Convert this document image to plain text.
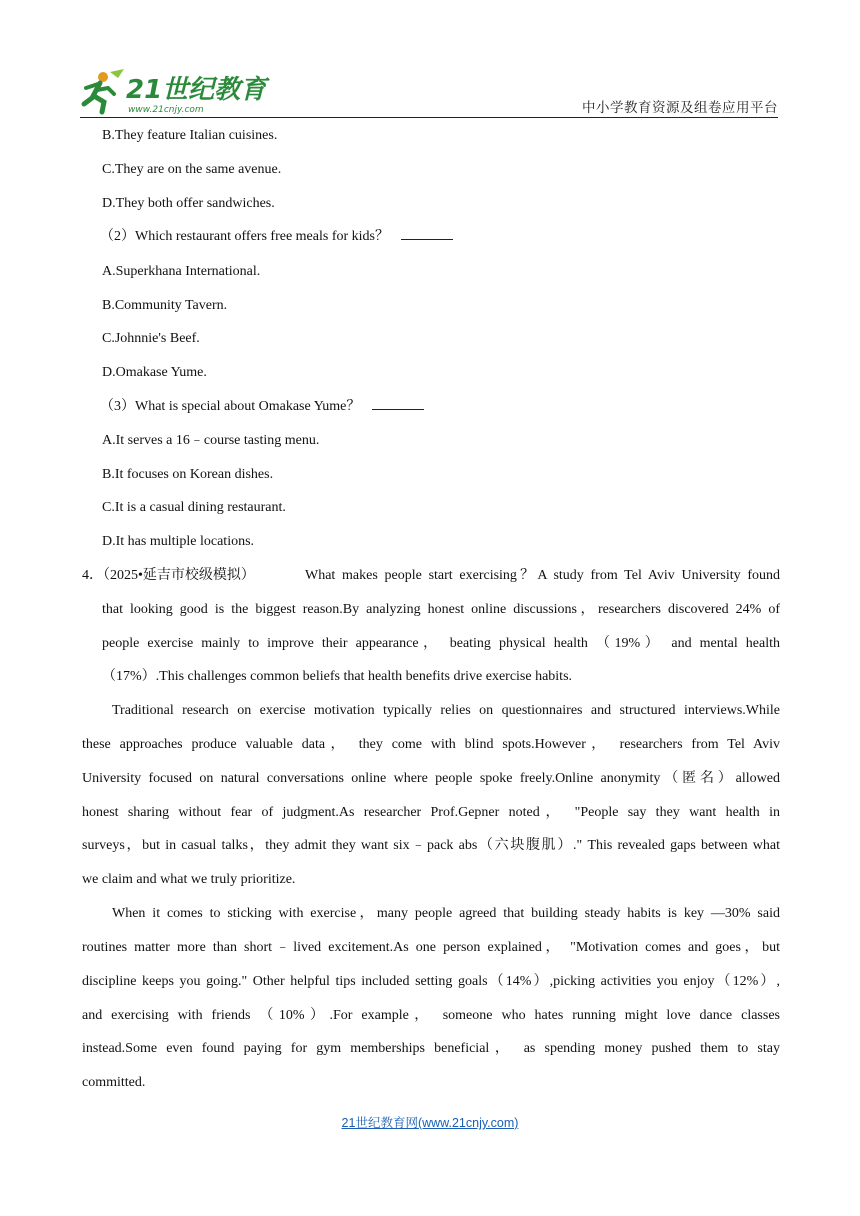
21世纪教育
www.21cnjy.com	中小学教育资源及组卷应用平台
B.They feature Italian cuisines.
C.They are on the same avenue.
D.They both offer sandwiches.
（2）Which restaurant offers free meals for kids？
A.Superkhana International.
B.Community Tavern.
C.Johnnie's Beef.
D.Omakase Yume.
（3）What is special about Omakase Yume？
A.It serves a 16﹣course tasting menu.
B.It focuses on Korean dishes.
C.It is a casual dining restaurant.
D.It has multiple locations.
4．（2025•延吉市校级模拟）	What makes people start exercising？A study from Tel Aviv University found
that looking good is the biggest reason.By analyzing honest online discussions，researchers discovered 24% of
people exercise mainly to improve their appearance， beating physical health （19%） and mental health
（17%）.This challenges common beliefs that health benefits drive exercise habits.
Traditional research on exercise motivation typically relies on questionnaires and structured interviews.While
these approaches produce valuable data， they come with blind spots.However， researchers from Tel Aviv
University focused on natural conversations online where people spoke freely.Online anonymity（匿名）allowed
honest sharing without fear of judgment.As researcher Prof.Gepner noted， "People say they want health in
surveys，but in casual talks，they admit they want six﹣pack abs（六块腹肌）." This revealed gaps between what
we claim and what we truly prioritize.
When it comes to sticking with exercise，many people agreed that building steady habits is key —30% said
routines matter more than short﹣lived excitement.As one person explained， "Motivation comes and goes，but
discipline keeps you going." Other helpful tips included setting goals（14%）,picking activities you enjoy（12%）,
and exercising with friends （10%）.For example， someone who hates running might love dance classes
instead.Some even found paying for gym memberships beneficial， as spending money pushed them to stay
committed.
21世纪教育网(www.21cnjy.com)
